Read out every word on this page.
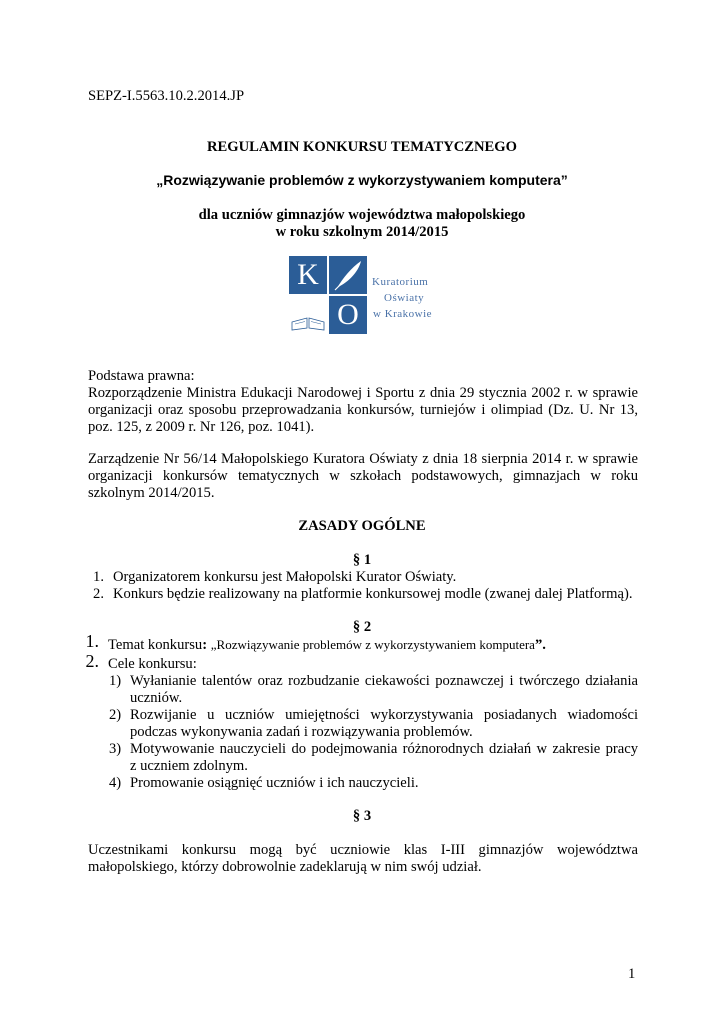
SEPZ-I.5563.10.2.2014.JP
REGULAMIN KONKURSU TEMATYCZNEGO
„Rozwiązywanie problemów z wykorzystywaniem komputera”
dla uczniów gimnazjów województwa małopolskiego
w roku szkolnym 2014/2015
K
O
Kuratorium
Oświaty
w Krakowie
Podstawa prawna:
Rozporządzenie Ministra Edukacji Narodowej i Sportu z dnia 29 stycznia 2002 r. w sprawie
organizacji oraz sposobu przeprowadzania konkursów, turniejów i olimpiad (Dz. U. Nr 13,
poz. 125, z 2009 r. Nr 126, poz. 1041).
Zarządzenie Nr 56/14 Małopolskiego Kuratora Oświaty z dnia 18 sierpnia 2014 r. w sprawie
organizacji konkursów tematycznych w szkołach podstawowych, gimnazjach w roku
szkolnym 2014/2015.
ZASADY OGÓLNE
§ 1
1. Organizatorem konkursu jest Małopolski Kurator Oświaty.
2. Konkurs będzie realizowany na platformie konkursowej modle (zwanej dalej Platformą).
§ 2
1. Temat konkursu: „Rozwiązywanie problemów z wykorzystywaniem komputera”.
2. Cele konkursu:
1) Wyłanianie talentów oraz rozbudzanie ciekawości poznawczej i twórczego działania
uczniów.
2) Rozwijanie u uczniów umiejętności wykorzystywania posiadanych wiadomości
podczas wykonywania zadań i rozwiązywania problemów.
3) Motywowanie nauczycieli do podejmowania różnorodnych działań w zakresie pracy
z uczniem zdolnym.
4) Promowanie osiągnięć uczniów i ich nauczycieli.
§ 3
Uczestnikami konkursu mogą być uczniowie klas I-III gimnazjów województwa
małopolskiego, którzy dobrowolnie zadeklarują w nim swój udział.
1
